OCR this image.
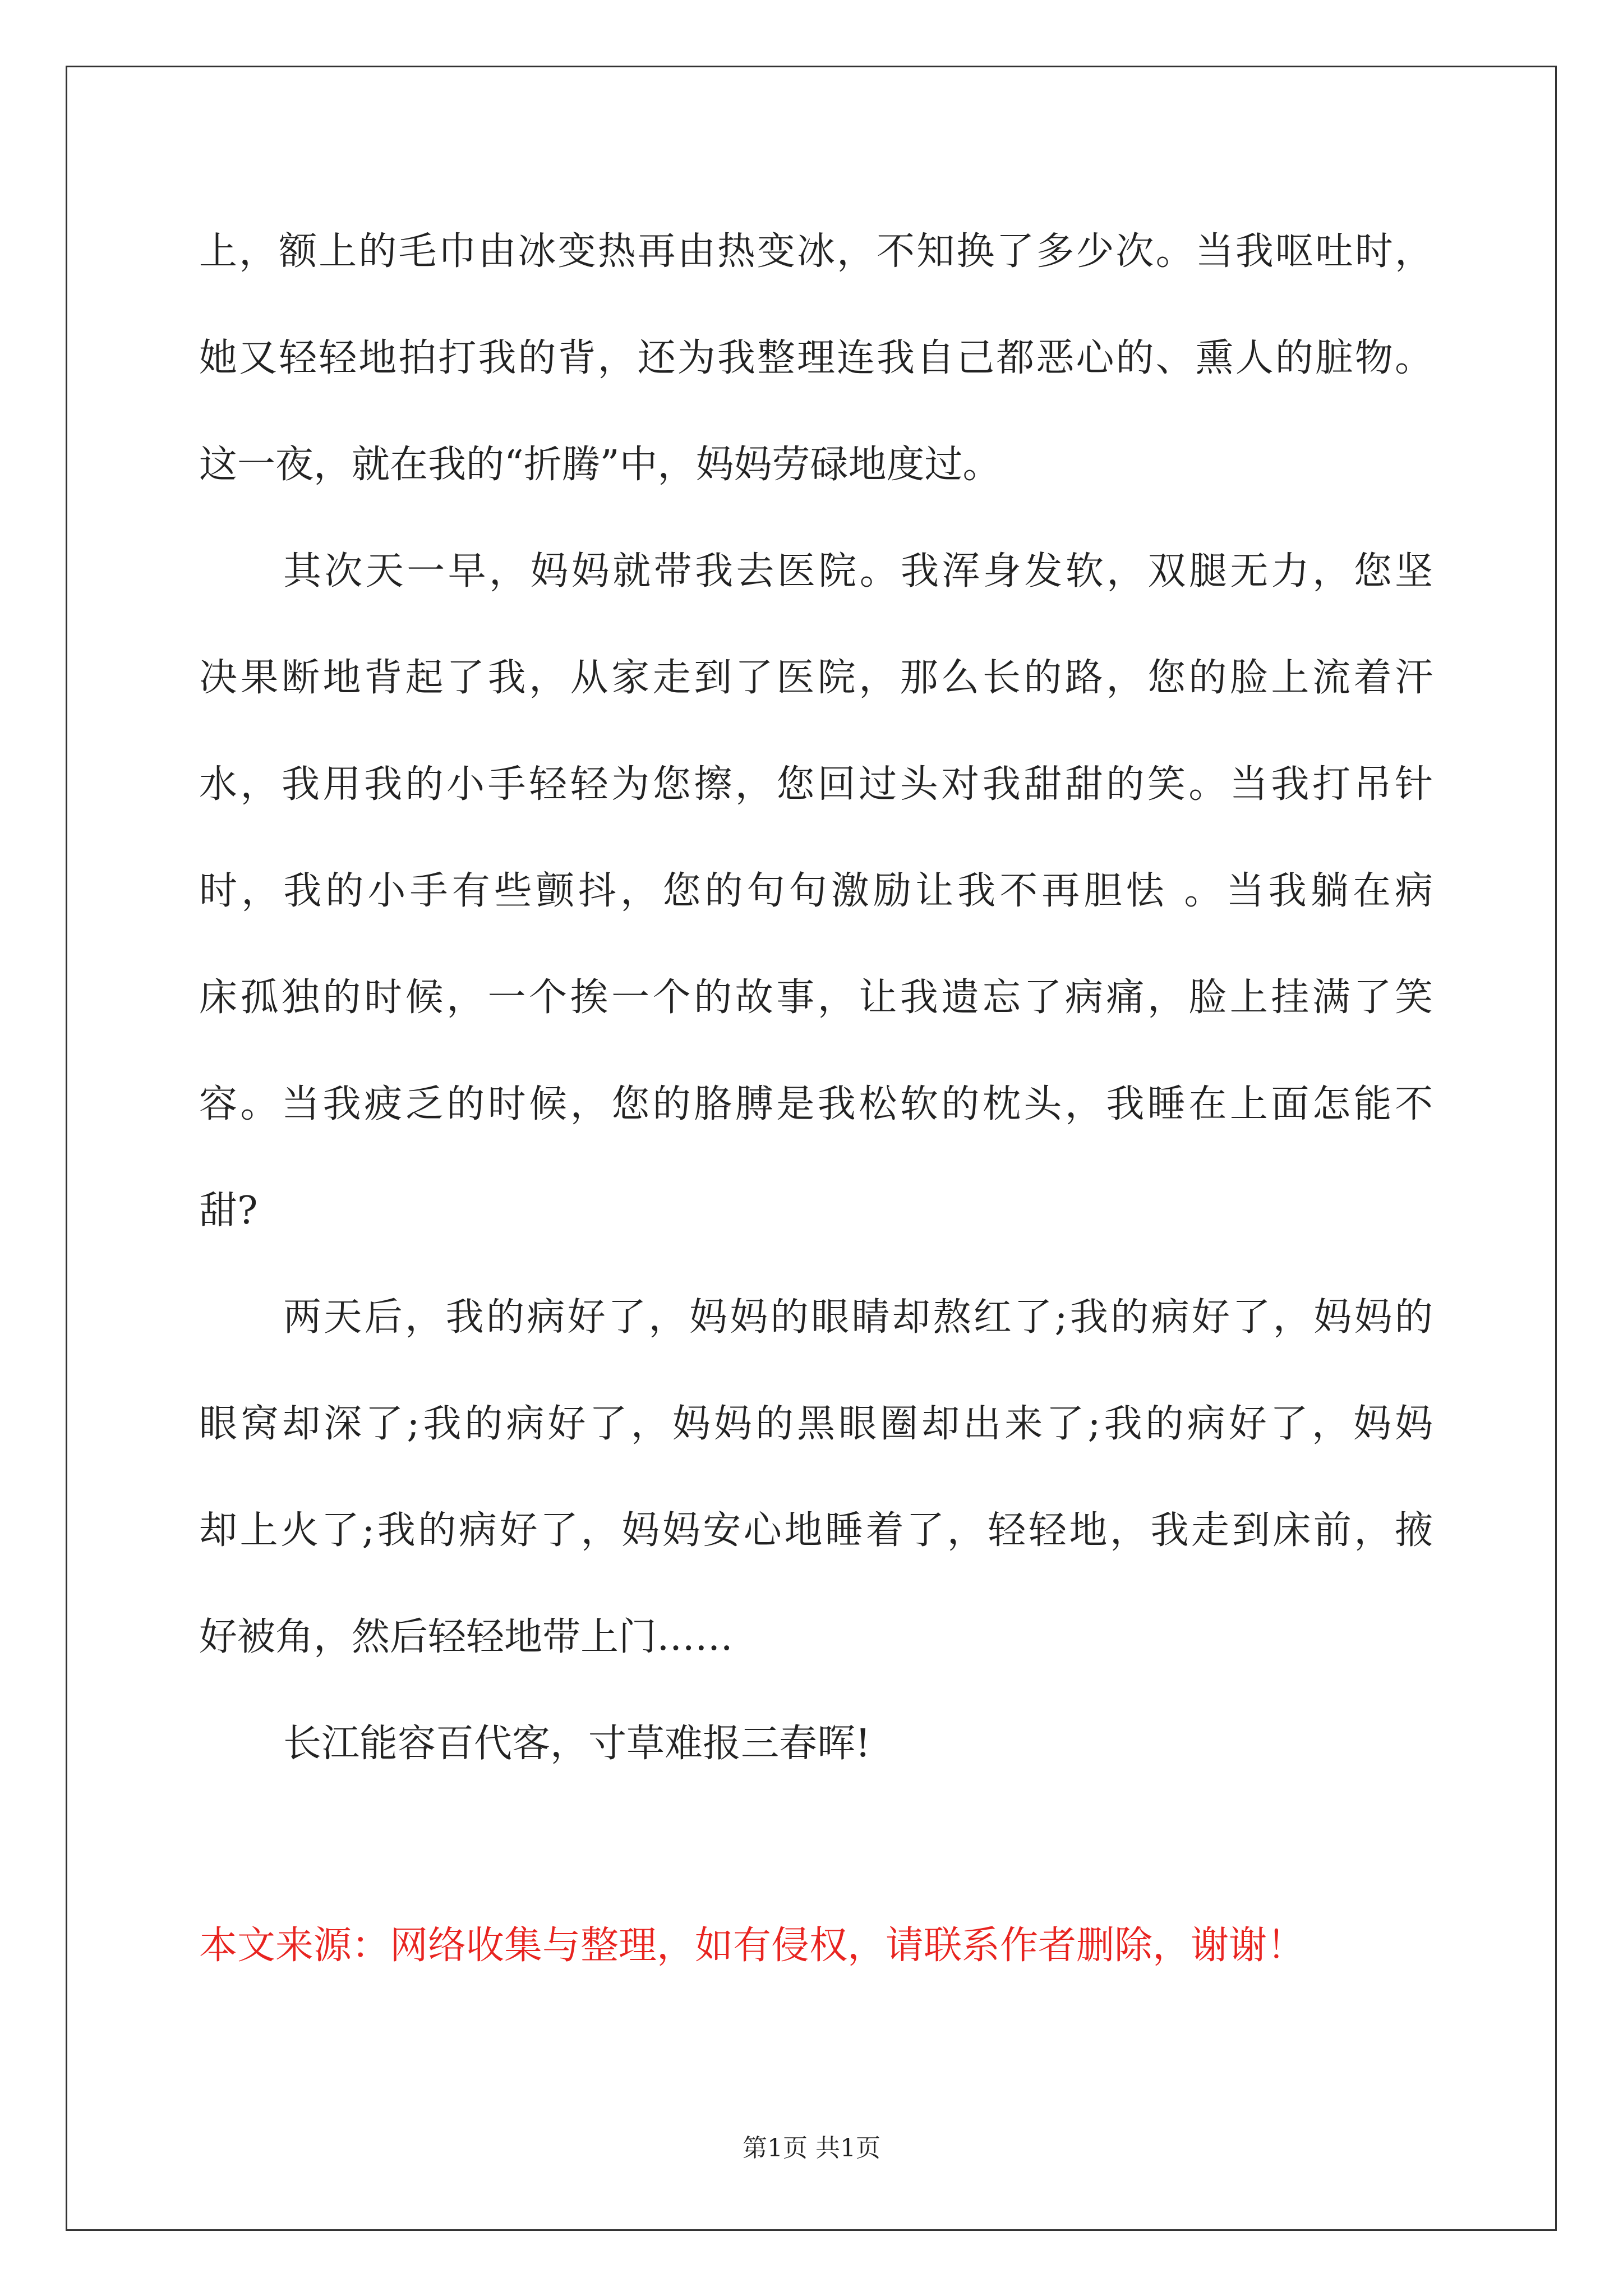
上，额上的毛巾由冰变热再由热变冰，不知换了多少次。当我呕吐时，
她又轻轻地拍打我的背，还为我整理连我自己都恶心的、熏人的脏物。
这一夜，就在我的“折腾”中，妈妈劳碌地度过。
其次天一早，妈妈就带我去医院。我浑身发软，双腿无力，您坚
决果断地背起了我，从家走到了医院，那么长的路，您的脸上流着汗
水，我用我的小手轻轻为您擦，您回过头对我甜甜的笑。当我打吊针
时，我的小手有些颤抖，您的句句激励让我不再胆怯 。当我躺在病
床孤独的时候，一个挨一个的故事，让我遗忘了病痛，脸上挂满了笑
容。当我疲乏的时候，您的胳膊是我松软的枕头，我睡在上面怎能不
甜?
两天后，我的病好了，妈妈的眼睛却熬红了;我的病好了，妈妈的
眼窝却深了;我的病好了，妈妈的黑眼圈却出来了;我的病好了，妈妈
却上火了;我的病好了，妈妈安心地睡着了，轻轻地，我走到床前，掖
好被角，然后轻轻地带上门……
长江能容百代客，寸草难报三春晖!
本文来源：网络收集与整理，如有侵权，请联系作者删除，谢谢！
第1页 共1页
